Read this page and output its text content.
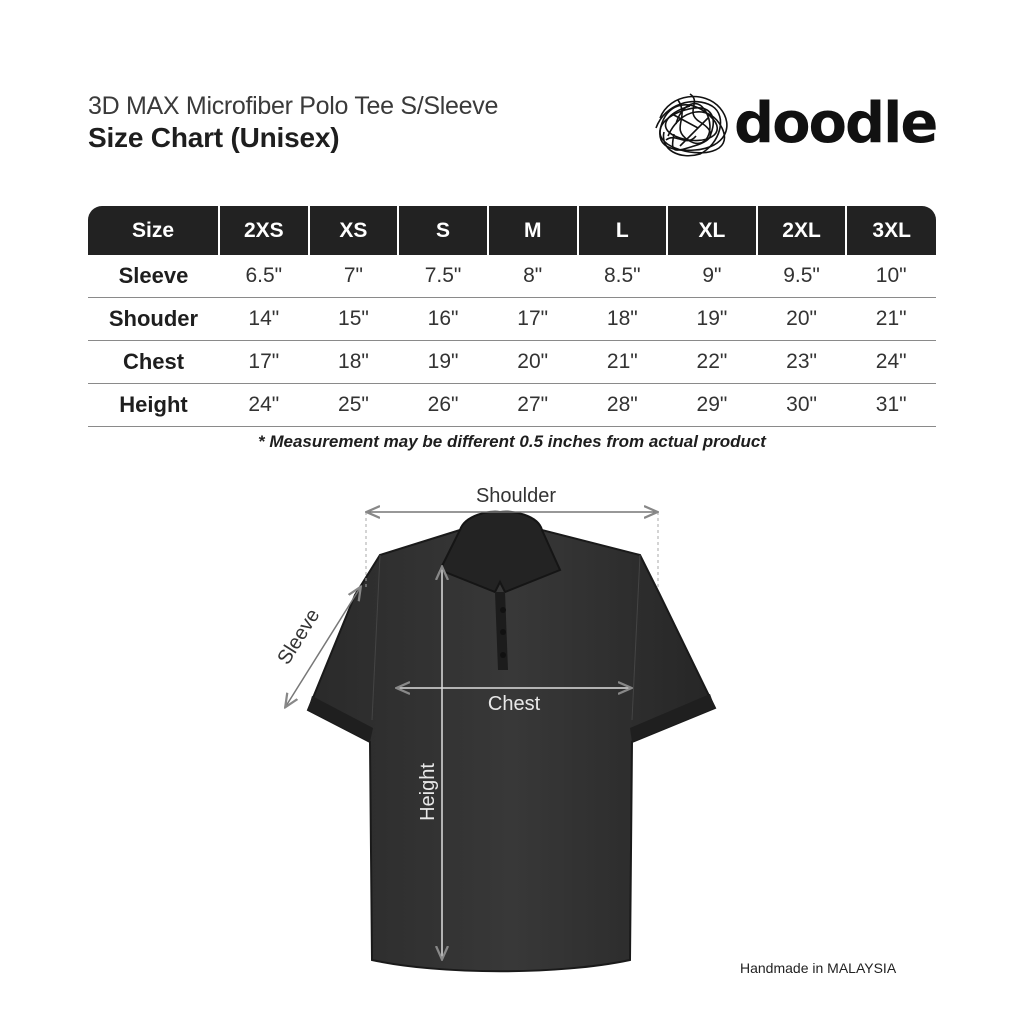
3D MAX Microfiber Polo Tee S/Sleeve
Size Chart (Unisex)	doodle
Size	2XS	XS	S	M	L	XL	2XL	3XL
Sleeve	6.5"	7"	7.5"	8"	8.5"	9"	9.5"	10"
Shouder	14"	15"	16"	17"	18"	19"	20"	21"
Chest	17"	18"	19"	20"	21"	22"	23"	24"
Height	24"	25"	26"	27"	28"	29"	30"	31"
* Measurement may be different 0.5 inches from actual product
Shoulder
Sleeve
Chest
Height
Handmade in MALAYSIA
